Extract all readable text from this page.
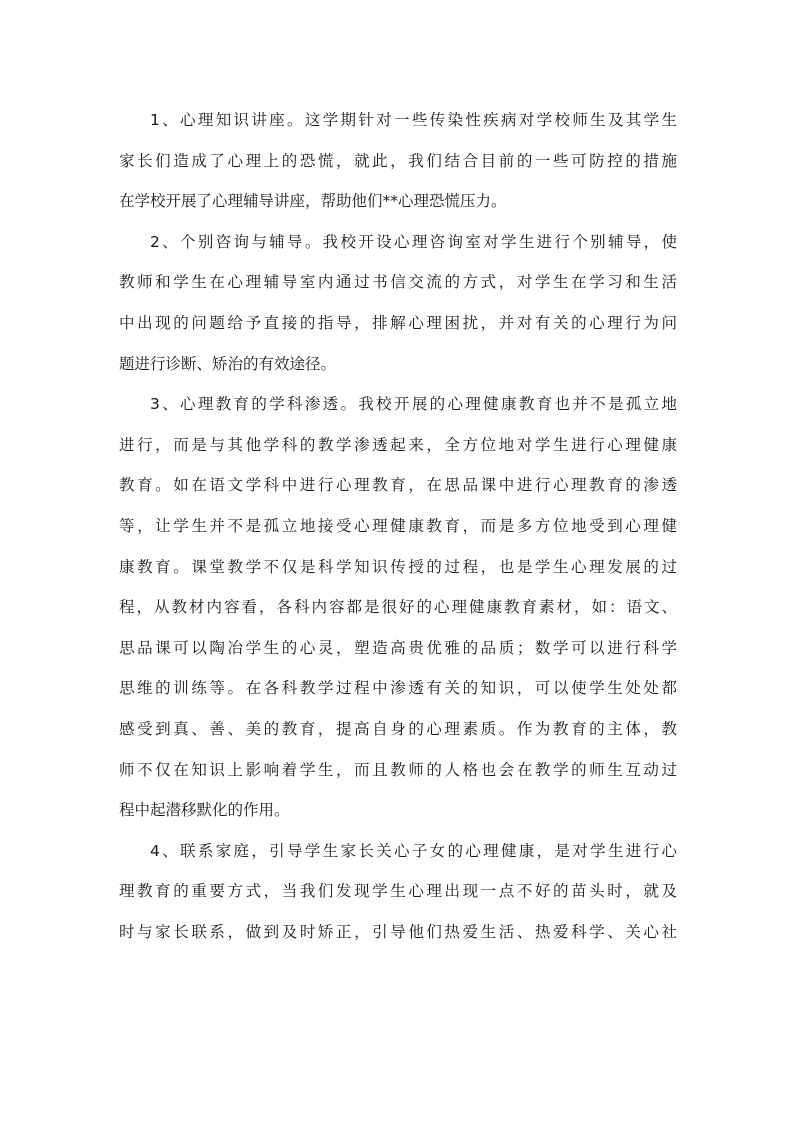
1、心理知识讲座。这学期针对一些传染性疾病对学校师生及其学生
家长们造成了心理上的恐慌，就此，我们结合目前的一些可防控的措施
在学校开展了心理辅导讲座，帮助他们**心理恐慌压力。
2、个别咨询与辅导。我校开设心理咨询室对学生进行个别辅导，使
教师和学生在心理辅导室内通过书信交流的方式，对学生在学习和生活
中出现的问题给予直接的指导，排解心理困扰，并对有关的心理行为问
题进行诊断、矫治的有效途径。
3、心理教育的学科渗透。我校开展的心理健康教育也并不是孤立地
进行，而是与其他学科的教学渗透起来，全方位地对学生进行心理健康
教育。如在语文学科中进行心理教育，在思品课中进行心理教育的渗透
等，让学生并不是孤立地接受心理健康教育，而是多方位地受到心理健
康教育。课堂教学不仅是科学知识传授的过程，也是学生心理发展的过
程，从教材内容看，各科内容都是很好的心理健康教育素材，如：语文、
思品课可以陶冶学生的心灵，塑造高贵优雅的品质；数学可以进行科学
思维的训练等。在各科教学过程中渗透有关的知识，可以使学生处处都
感受到真、善、美的教育，提高自身的心理素质。作为教育的主体，教
师不仅在知识上影响着学生，而且教师的人格也会在教学的师生互动过
程中起潜移默化的作用。
4、联系家庭，引导学生家长关心子女的心理健康，是对学生进行心
理教育的重要方式，当我们发现学生心理出现一点不好的苗头时，就及
时与家长联系，做到及时矫正，引导他们热爱生活、热爱科学、关心社
